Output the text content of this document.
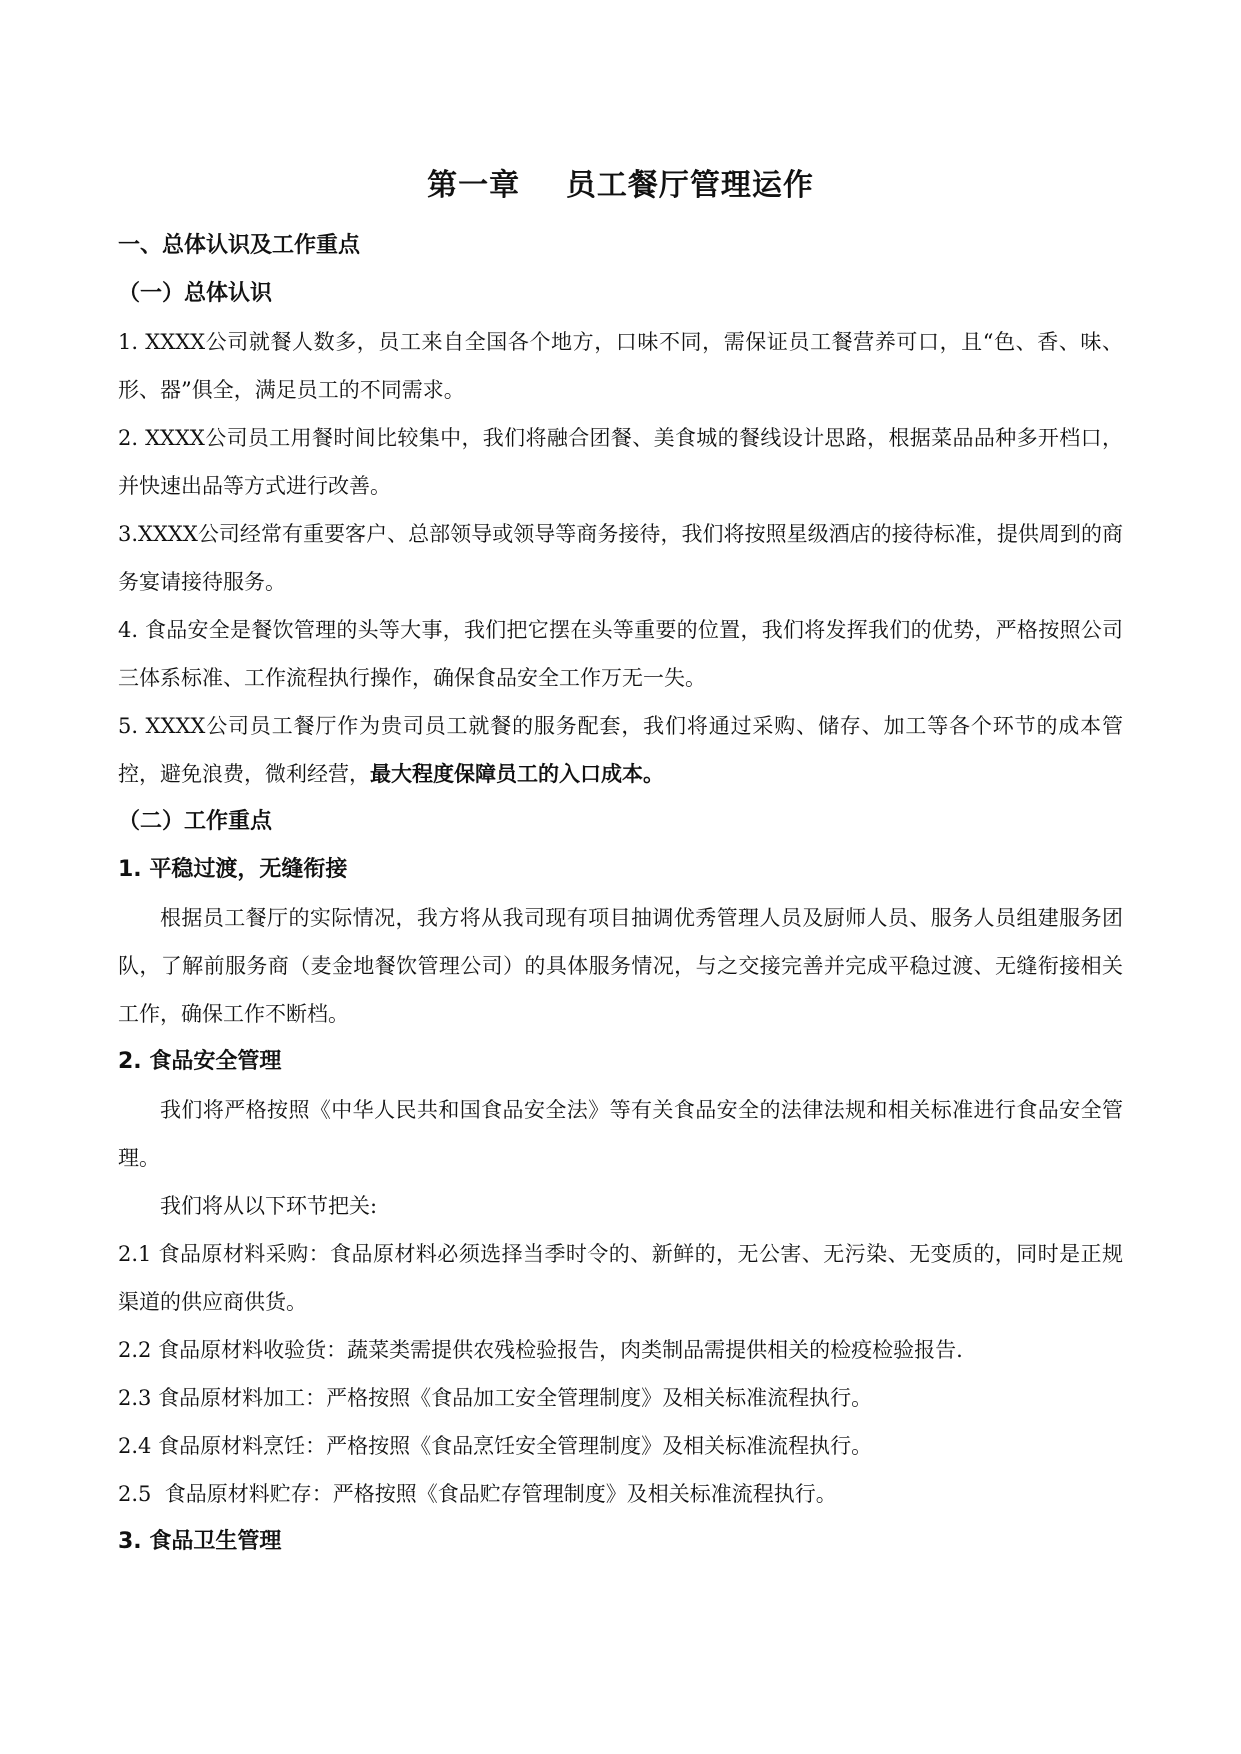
第一章    员工餐厅管理运作

一、总体认识及工作重点

（一）总体认识

1. XXXX公司就餐人数多，员工来自全国各个地方，口味不同，需保证员工餐营养可口，且“色、香、味、形、器”俱全，满足员工的不同需求。

2. XXXX公司员工用餐时间比较集中，我们将融合团餐、美食城的餐线设计思路，根据菜品品种多开档口，并快速出品等方式进行改善。

3.XXXX公司经常有重要客户、总部领导或领导等商务接待，我们将按照星级酒店的接待标准，提供周到的商务宴请接待服务。

4. 食品安全是餐饮管理的头等大事，我们把它摆在头等重要的位置，我们将发挥我们的优势，严格按照公司三体系标准、工作流程执行操作，确保食品安全工作万无一失。

5. XXXX公司员工餐厅作为贵司员工就餐的服务配套，我们将通过采购、储存、加工等各个环节的成本管控，避免浪费，微利经营，最大程度保障员工的入口成本。

（二）工作重点

1. 平稳过渡，无缝衔接

根据员工餐厅的实际情况，我方将从我司现有项目抽调优秀管理人员及厨师人员、服务人员组建服务团队，了解前服务商（麦金地餐饮管理公司）的具体服务情况，与之交接完善并完成平稳过渡、无缝衔接相关工作，确保工作不断档。

2. 食品安全管理

我们将严格按照《中华人民共和国食品安全法》等有关食品安全的法律法规和相关标准进行食品安全管理。

我们将从以下环节把关:

2.1 食品原材料采购：食品原材料必须选择当季时令的、新鲜的，无公害、无污染、无变质的，同时是正规渠道的供应商供货。

2.2 食品原材料收验货：蔬菜类需提供农残检验报告，肉类制品需提供相关的检疫检验报告.

2.3 食品原材料加工：严格按照《食品加工安全管理制度》及相关标准流程执行。

2.4 食品原材料烹饪：严格按照《食品烹饪安全管理制度》及相关标准流程执行。

2.5  食品原材料贮存：严格按照《食品贮存管理制度》及相关标准流程执行。

3. 食品卫生管理
